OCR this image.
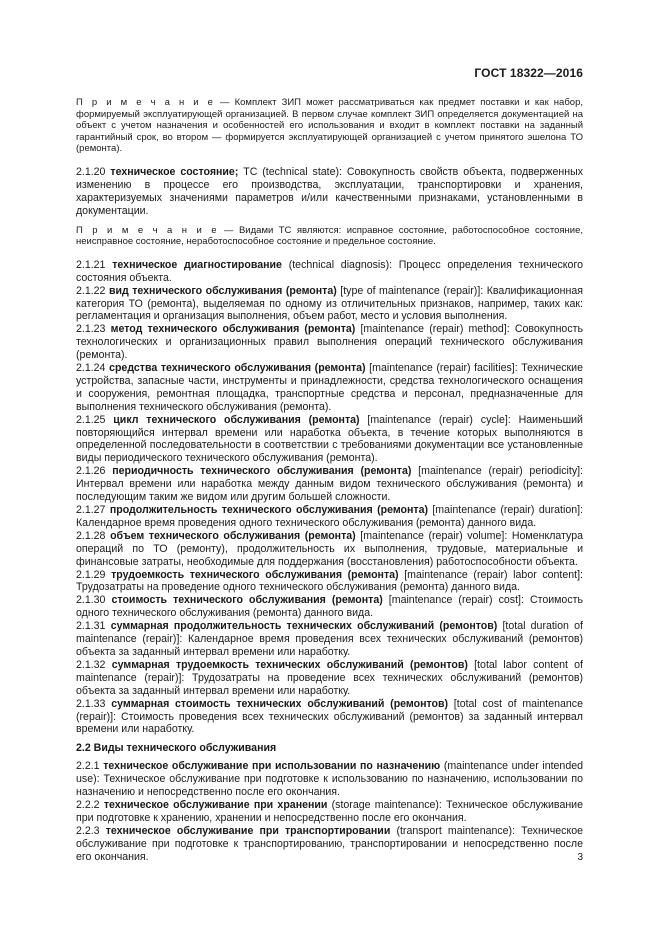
ГОСТ 18322—2016

П р и м е ч а н и е — Комплект ЗИП может рассматриваться как предмет поставки и как набор, формируемый эксплуатирующей организацией. В первом случае комплект ЗИП определяется документацией на объект с учетом назначения и особенностей его использования и входит в комплект поставки на заданный гарантийный срок, во втором — формируется эксплуатирующей организацией с учетом принятого эшелона ТО (ремонта).

2.1.20 техническое состояние; ТС (technical state): Совокупность свойств объекта, подверженных изменению в процессе его производства, эксплуатации, транспортировки и хранения, характеризуемых значениями параметров и/или качественными признаками, установленными в документации.

П р и м е ч а н и е — Видами ТС являются: исправное состояние, работоспособное состояние, неисправное состояние, неработоспособное состояние и предельное состояние.

2.1.21 техническое диагностирование (technical diagnosis): Процесс определения технического состояния объекта.

2.1.22 вид технического обслуживания (ремонта) [type of maintenance (repair)]: Квалификационная категория ТО (ремонта), выделяемая по одному из отличительных признаков, например, таких как: регламентация и организация выполнения, объем работ, место и условия выполнения.

2.1.23 метод технического обслуживания (ремонта) [maintenance (repair) method]: Совокупность технологических и организационных правил выполнения операций технического обслуживания (ремонта).

2.1.24 средства технического обслуживания (ремонта) [maintenance (repair) facilities]: Технические устройства, запасные части, инструменты и принадлежности, средства технологического оснащения и сооружения, ремонтная площадка, транспортные средства и персонал, предназначенные для выполнения технического обслуживания (ремонта).

2.1.25 цикл технического обслуживания (ремонта) [maintenance (repair) cycle]: Наименьший повторяющийся интервал времени или наработка объекта, в течение которых выполняются в определенной последовательности в соответствии с требованиями документации все установленные виды периодического технического обслуживания (ремонта).

2.1.26 периодичность технического обслуживания (ремонта) [maintenance (repair) periodicity]: Интервал времени или наработка между данным видом технического обслуживания (ремонта) и последующим таким же видом или другим большей сложности.

2.1.27 продолжительность технического обслуживания (ремонта) [maintenance (repair) duration]: Календарное время проведения одного технического обслуживания (ремонта) данного вида.

2.1.28 объем технического обслуживания (ремонта) [maintenance (repair) volume]: Номенклатура операций по ТО (ремонту), продолжительность их выполнения, трудовые, материальные и финансовые затраты, необходимые для поддержания (восстановления) работоспособности объекта.

2.1.29 трудоемкость технического обслуживания (ремонта) [maintenance (repair) labor content]: Трудозатраты на проведение одного технического обслуживания (ремонта) данного вида.

2.1.30 стоимость технического обслуживания (ремонта) [maintenance (repair) cost]: Стоимость одного технического обслуживания (ремонта) данного вида.

2.1.31 суммарная продолжительность технических обслуживаний (ремонтов) [total duration of maintenance (repair)]: Календарное время проведения всех технических обслуживаний (ремонтов) объекта за заданный интервал времени или наработку.

2.1.32 суммарная трудоемкость технических обслуживаний (ремонтов) [total labor content of maintenance (repair)]: Трудозатраты на проведение всех технических обслуживаний (ремонтов) объекта за заданный интервал времени или наработку.

2.1.33 суммарная стоимость технических обслуживаний (ремонтов) [total cost of maintenance (repair)]: Стоимость проведения всех технических обслуживаний (ремонтов) за заданный интервал времени или наработку.

2.2 Виды технического обслуживания

2.2.1 техническое обслуживание при использовании по назначению (maintenance under intended use): Техническое обслуживание при подготовке к использованию по назначению, использовании по назначению и непосредственно после его окончания.

2.2.2 техническое обслуживание при хранении (storage maintenance): Техническое обслуживание при подготовке к хранению, хранении и непосредственно после его окончания.

2.2.3 техническое обслуживание при транспортировании (transport maintenance): Техническое обслуживание при подготовке к транспортированию, транспортировании и непосредственно после его окончания.	3
